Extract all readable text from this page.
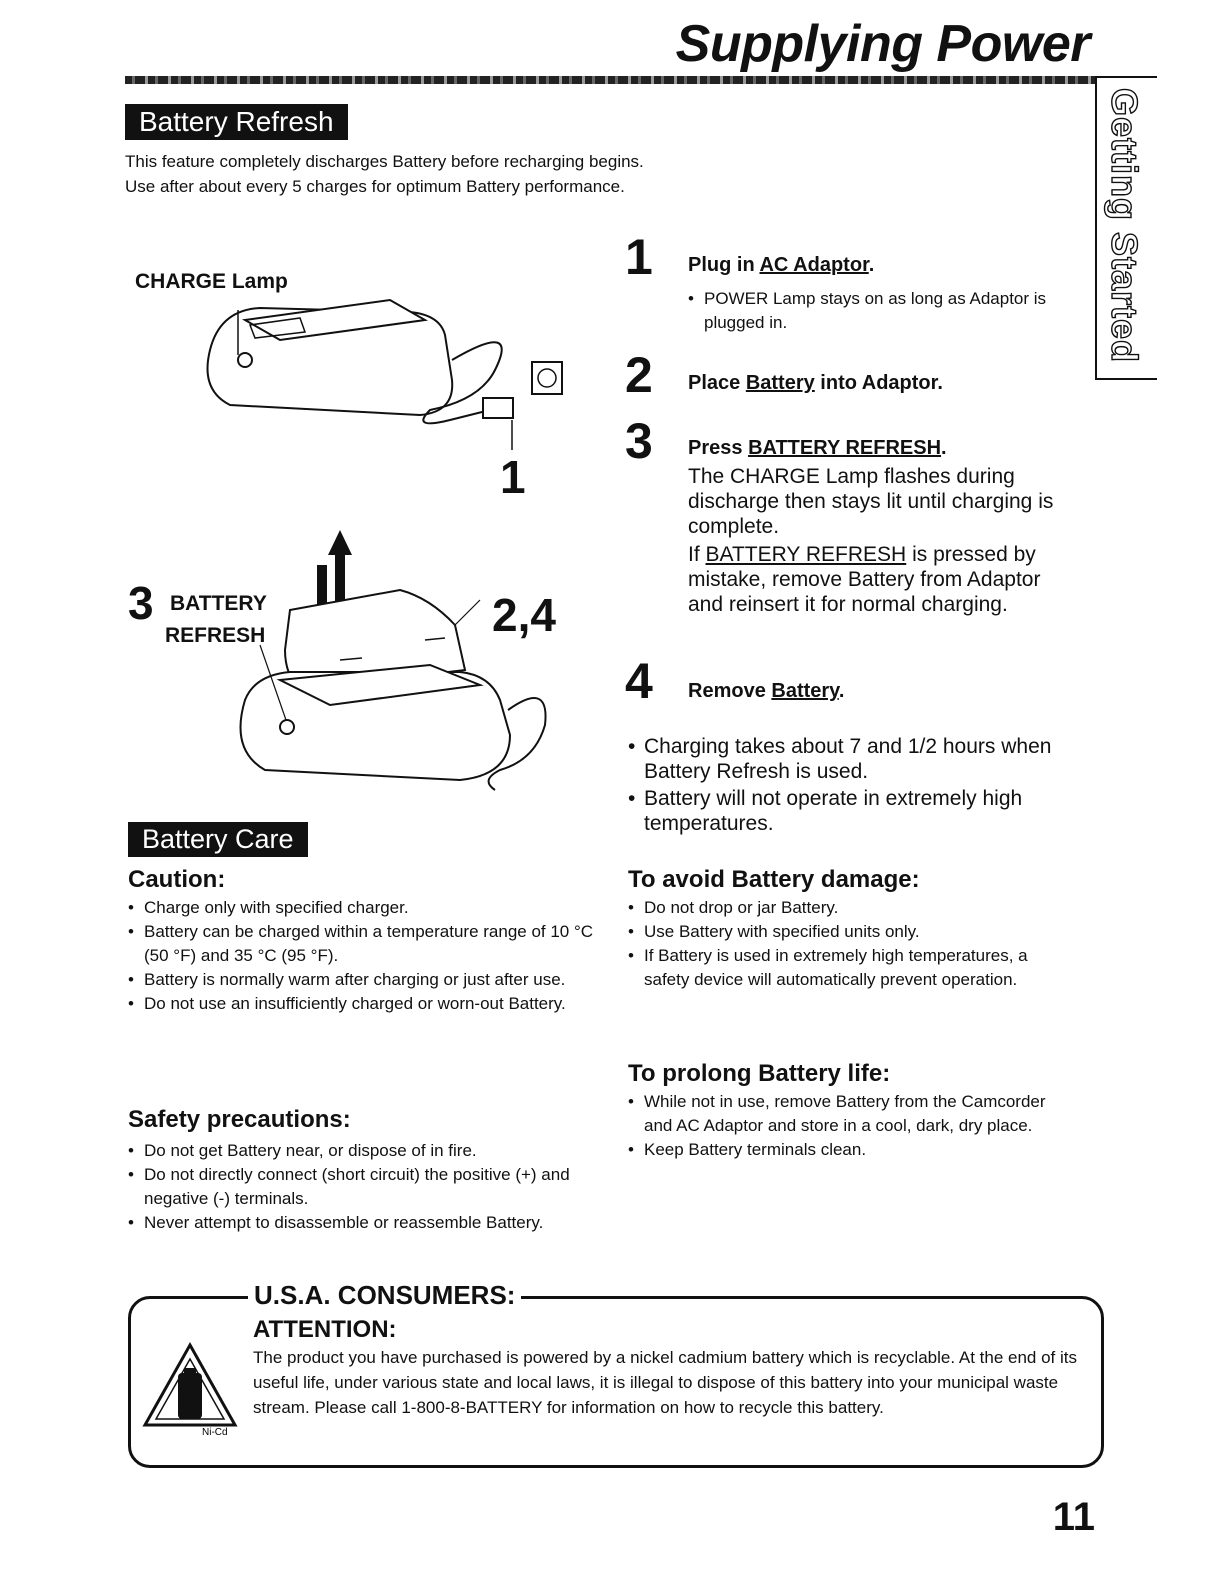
Supplying Power
Getting Started
Battery Refresh
This feature completely discharges Battery before recharging begins.
Use after about every 5 charges for optimum Battery performance.
CHARGE Lamp
1
3 BATTERY
REFRESH	2,4
1 Plug in AC Adaptor.
• POWER Lamp stays on as long as Adaptor is plugged in.
2 Place Battery into Adaptor.
3 Press BATTERY REFRESH.
The CHARGE Lamp flashes during discharge then stays lit until charging is complete.
If BATTERY REFRESH is pressed by mistake, remove Battery from Adaptor and reinsert it for normal charging.
4 Remove Battery.
• Charging takes about 7 and 1/2 hours when Battery Refresh is used.
• Battery will not operate in extremely high temperatures.
Battery Care
Caution:
• Charge only with specified charger.
• Battery can be charged within a temperature range of 10 °C (50 °F) and 35 °C (95 °F).
• Battery is normally warm after charging or just after use.
• Do not use an insufficiently charged or worn-out Battery.
Safety precautions:
• Do not get Battery near, or dispose of in fire.
• Do not directly connect (short circuit) the positive (+) and negative (-) terminals.
• Never attempt to disassemble or reassemble Battery.
To avoid Battery damage:
• Do not drop or jar Battery.
• Use Battery with specified units only.
• If Battery is used in extremely high temperatures, a safety device will automatically prevent operation.
To prolong Battery life:
• While not in use, remove Battery from the Camcorder and AC Adaptor and store in a cool, dark, dry place.
• Keep Battery terminals clean.
U.S.A. CONSUMERS:
ATTENTION:
The product you have purchased is powered by a nickel cadmium battery which is recyclable. At the end of its useful life, under various state and local laws, it is illegal to dispose of this battery into your municipal waste stream. Please call 1-800-8-BATTERY for information on how to recycle this battery.
Ni-Cd
11
